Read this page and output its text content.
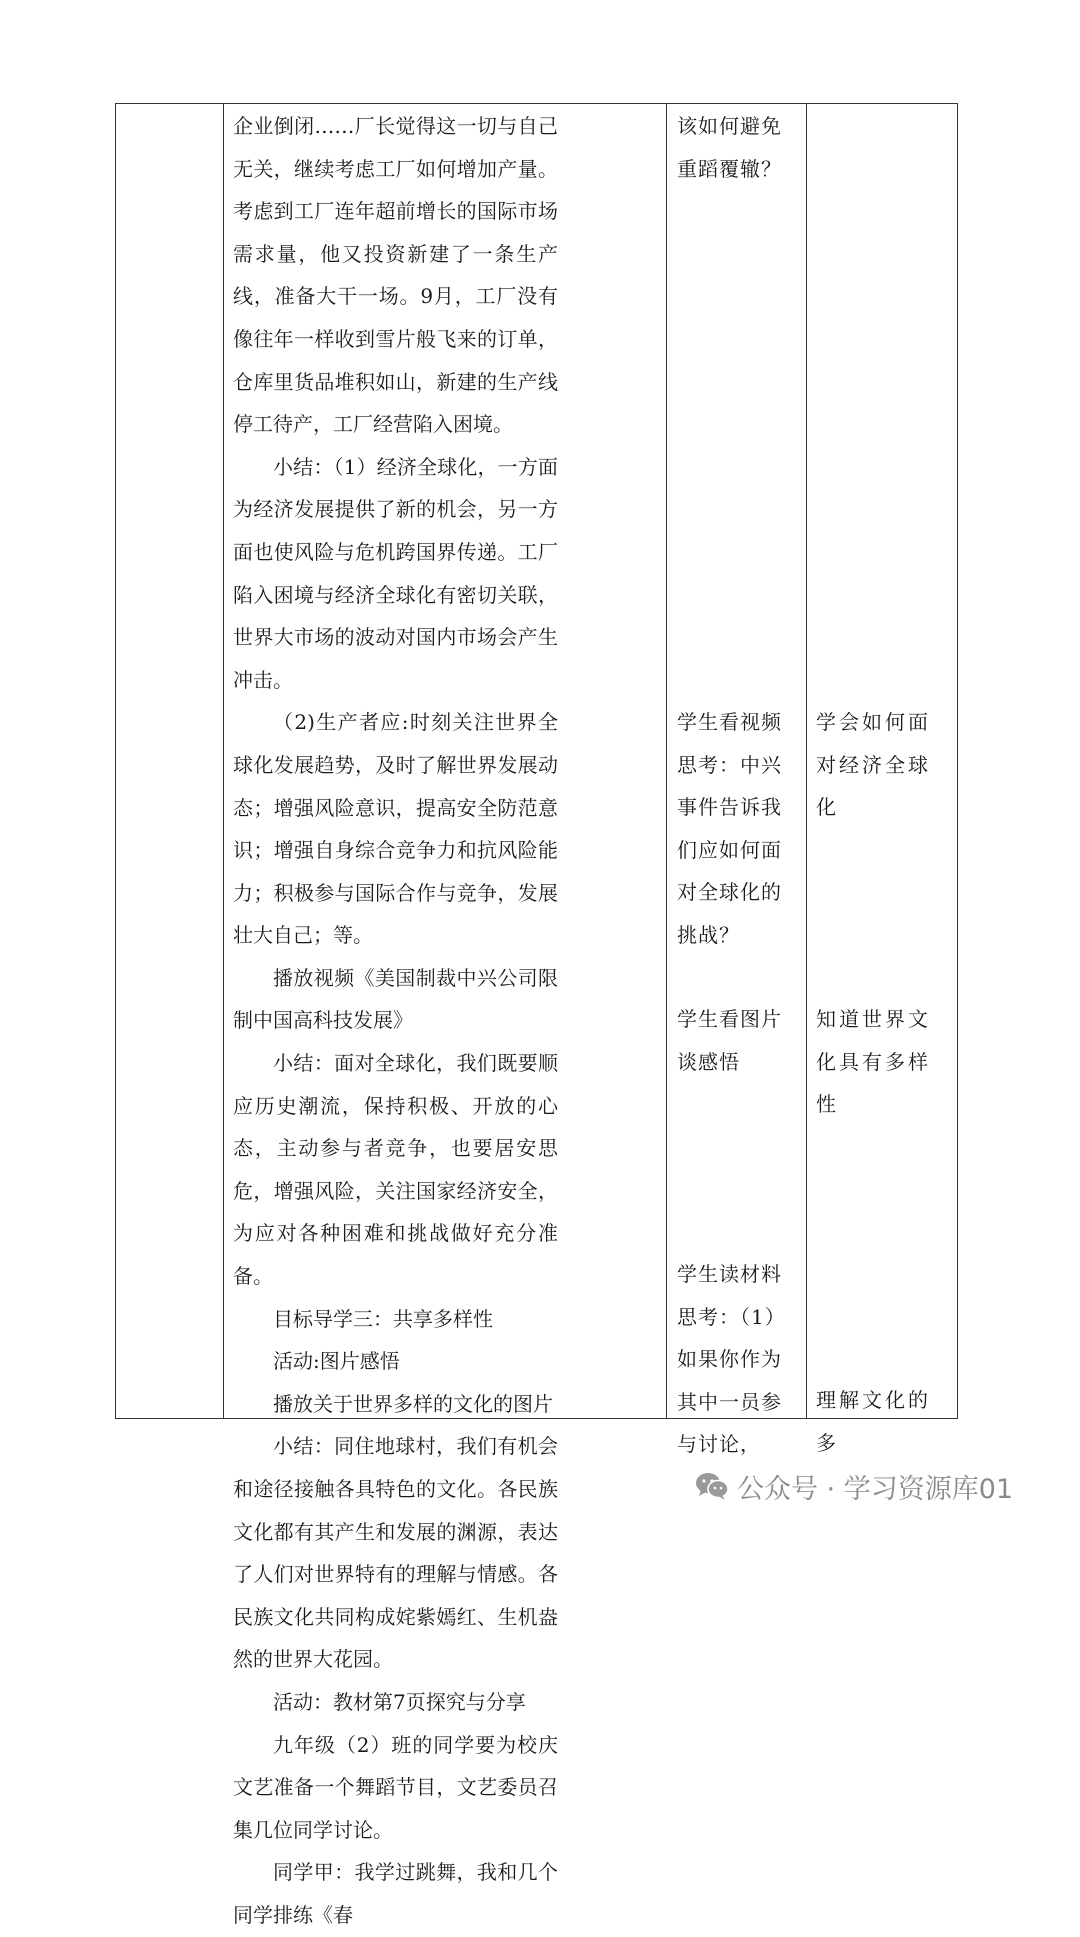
企业倒闭……厂长觉得这一切与自己无关，继续考虑工厂如何增加产量。考虑到工厂连年超前增长的国际市场需求量，他又投资新建了一条生产线，准备大干一场。9月，工厂没有像往年一样收到雪片般飞来的订单，仓库里货品堆积如山，新建的生产线停工待产，工厂经营陷入困境。

小结：（1）经济全球化，一方面为经济发展提供了新的机会，另一方面也使风险与危机跨国界传递。工厂陷入困境与经济全球化有密切关联，世界大市场的波动对国内市场会产生冲击。

（2)生产者应:时刻关注世界全球化发展趋势，及时了解世界发展动态；增强风险意识，提高安全防范意识；增强自身综合竞争力和抗风险能力；积极参与国际合作与竞争，发展壮大自己；等。

播放视频《美国制裁中兴公司限制中国高科技发展》

小结：面对全球化，我们既要顺应历史潮流，保持积极、开放的心态，主动参与者竞争，也要居安思危，增强风险，关注国家经济安全，为应对各种困难和挑战做好充分准备。

目标导学三：共享多样性

活动:图片感悟

播放关于世界多样的文化的图片

小结：同住地球村，我们有机会和途径接触各具特色的文化。各民族文化都有其产生和发展的渊源，表达了人们对世界特有的理解与情感。各民族文化共同构成姹紫嫣红、生机盎然的世界大花园。

活动：教材第7页探究与分享

九年级（2）班的同学要为校庆文艺准备一个舞蹈节目，文艺委员召集几位同学讨论。

同学甲：我学过跳舞，我和几个同学排练《春

该如何避免重蹈覆辙？
学生看视频思考：中兴事件告诉我们应如何面对全球化的挑战？
学生看图片谈感悟
学生读材料思考：（1）如果你作为其中一员参与讨论，
学会如何面对经济全球化
知道世界文化具有多样性
理解文化的多
公众号 · 学习资源库01
